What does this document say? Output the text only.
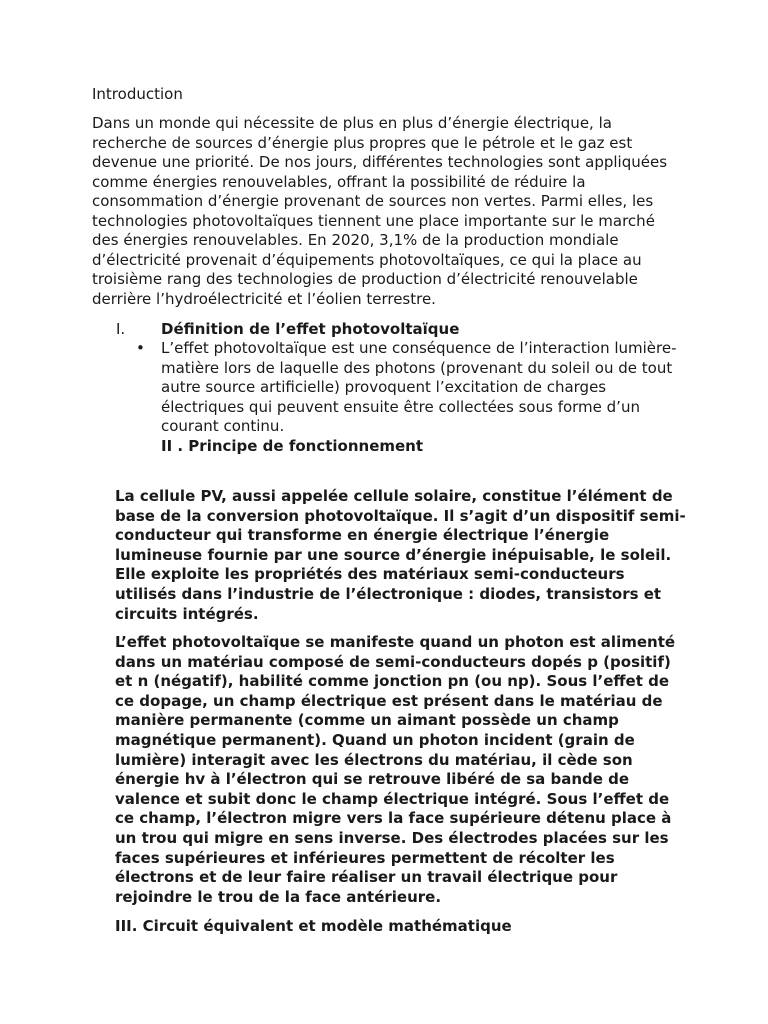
Introduction

Dans un monde qui nécessite de plus en plus d’énergie électrique, la recherche de sources d’énergie plus propres que le pétrole et le gaz est devenue une priorité. De nos jours, différentes technologies sont appliquées comme énergies renouvelables, offrant la possibilité de réduire la consommation d’énergie provenant de sources non vertes. Parmi elles, les technologies photovoltaïques tiennent une place importante sur le marché des énergies renouvelables. En 2020, 3,1% de la production mondiale d’électricité provenait d’équipements photovoltaïques, ce qui la place au troisième rang des technologies de production d’électricité renouvelable derrière l’hydroélectricité et l’éolien terrestre.

I. Définition de l’effet photovoltaïque
• L’effet photovoltaïque est une conséquence de l’interaction lumière-matière lors de laquelle des photons (provenant du soleil ou de tout autre source artificielle) provoquent l’excitation de charges électriques qui peuvent ensuite être collectées sous forme d’un courant continu.

II . Principe de fonctionnement

La cellule PV, aussi appelée cellule solaire, constitue l’élément de base de la conversion photovoltaïque. Il s’agit d’un dispositif semi-conducteur qui transforme en énergie électrique l’énergie lumineuse fournie par une source d’énergie inépuisable, le soleil. Elle exploite les propriétés des matériaux semi-conducteurs utilisés dans l’industrie de l’électronique : diodes, transistors et circuits intégrés.

L’effet photovoltaïque se manifeste quand un photon est alimenté dans un matériau composé de semi-conducteurs dopés p (positif) et n (négatif), habilité comme jonction pn (ou np). Sous l’effet de ce dopage, un champ électrique est présent dans le matériau de manière permanente (comme un aimant possède un champ magnétique permanent). Quand un photon incident (grain de lumière) interagit avec les électrons du matériau, il cède son énergie hv à l’électron qui se retrouve libéré de sa bande de valence et subit donc le champ électrique intégré. Sous l’effet de ce champ, l’électron migre vers la face supérieure détenu place à un trou qui migre en sens inverse. Des électrodes placées sur les faces supérieures et inférieures permettent de récolter les électrons et de leur faire réaliser un travail électrique pour rejoindre le trou de la face antérieure.

III. Circuit équivalent et modèle mathématique
